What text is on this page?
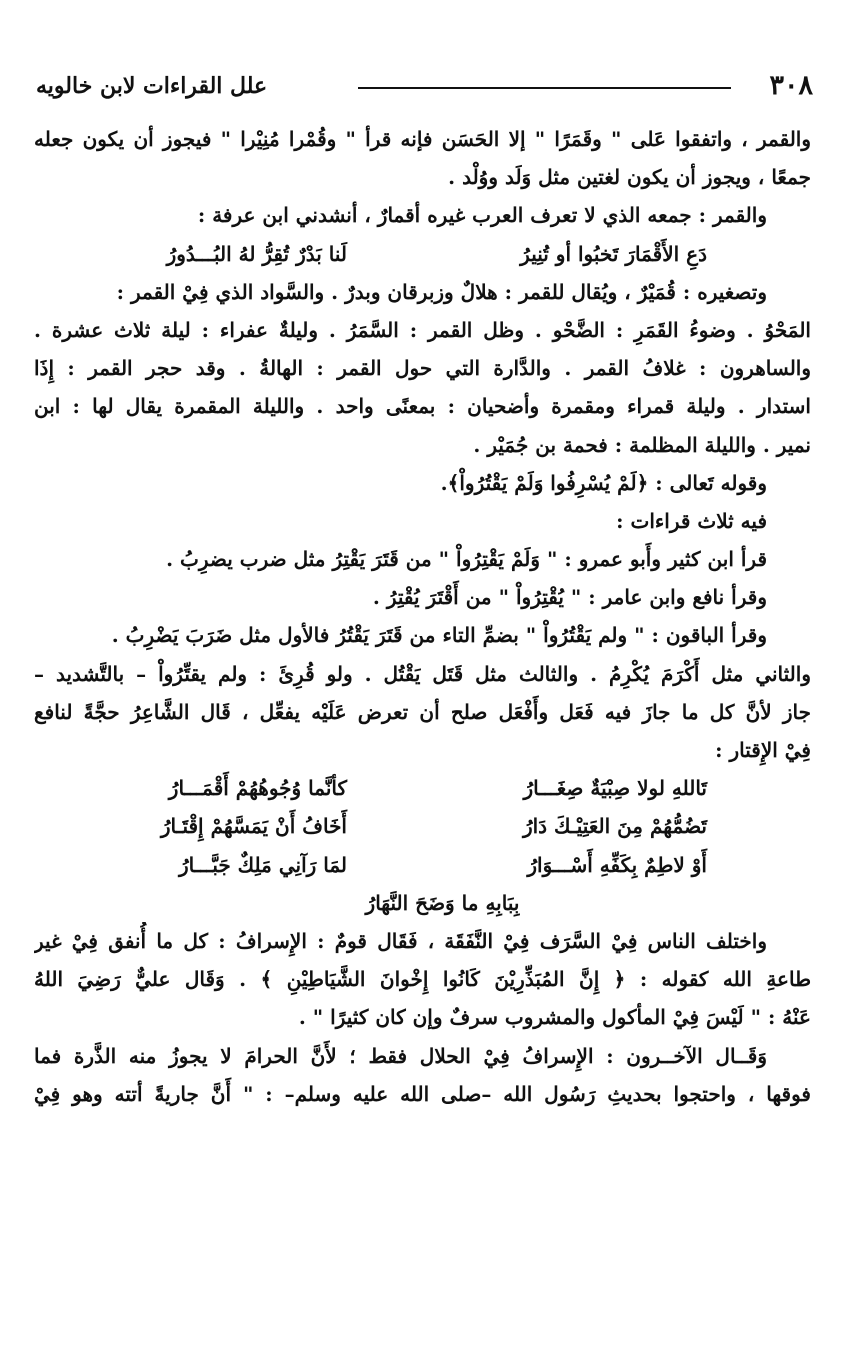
٣٠٨
علل القراءات لابن خالويه
والقمر ، واتفقوا عَلى " وقَمَرًا " إلا الحَسَن فإنه قرأ " وقُمْرا مُنِيْرا " فيجوز أن يكون جعله
جمعًا ، ويجوز أن يكون لغتين مثل وَلَد ووُلْد .
والقمر : جمعه الذي لا تعرف العرب غيره أقمارٌ ، أنشدني ابن عرفة :
دَعِ الأَقْمَارَ تَخبُوا أو تُنِيرُ
لَنا بَدْرٌ تُقِرُّ لهُ البُـــدُورُ
وتصغيره : قُمَيْرٌ ، ويُقال للقمر : هلالٌ وزبرقان وبدرٌ . والسَّواد الذي فِيْ القمر :
المَحْوُ . وضوءُ القَمَرِ : الضَّحْو . وظل القمر : السَّمَرُ . وليلةٌ عفراء : ليلة ثلاث عشرة .
والساهرون : غلافُ القمر . والدَّارة التي حول القمر : الهالةُ . وقد حجر القمر : إِذَا
استدار . وليلة قمراء ومقمرة وأضحيان : بمعنًى واحد . والليلة المقمرة يقال لها : ابن
نمير . والليلة المظلمة : فحمة بن جُمَيْر .
وقوله تَعالى : ﴿لَمْ يُسْرِفُوا وَلَمْ يَقْتُرُواْ﴾.
فيه ثلاث قراءات :
قرأ ابن كثير وأَبو عمرو : " وَلَمْ يَقْتِرُواْ " من قَتَرَ يَقْتِرُ مثل ضرب يضرِبُ .
وقرأ نافع وابن عامر : " يُقْتِرُواْ " من أَقْتَرَ يُقْتِرُ .
وقرأ الباقون : " ولم يَقْتُرُواْ " بضمِّ التاء من قَتَرَ يَقْتُرُ فالأول مثل ضَرَبَ يَضْرِبُ .
والثاني مثل أَكْرَمَ يُكْرِمُ . والثالث مثل قَتَل يَقْتُل . ولو قُرِئَ : ولم يقتِّرُواْ – بالتَّشديد –
جاز لأنَّ كل ما جازَ فيه فَعَل وأَفْعَل صلح أن تعرض عَلَيْه يفعِّل ، قَال الشَّاعِرُ حجَّةً لنافع
فِيْ الإِقتار :
تَاللهِ لولا صِبْيَةٌ صِغَـــارُ
كأنَّما وُجُوهُهُمْ أَقْمَـــارُ
تَضُمُّهُمْ مِنَ العَتِيْـكَ دَارُ
أَخَافُ أَنْ يَمَسَّهُمْ إِقْتَـارُ
أَوْ لاطِمٌ بِكَفِّهِ أَسْـــوَارُ
لمَا رَآنِي مَلِكٌ جَبَّـــارُ
بِبَابِهِ ما وَضَحَ النَّهَارُ
واختلف الناس فِيْ السَّرَف فِيْ النَّفَقَة ، فَقَال قومٌ : الإِسرافُ : كل ما أُنفق فِيْ غير
طاعةِ الله كقوله : ﴿ إِنَّ المُبَذِّرِيْنَ كَانُوا إِخْوانَ الشَّيَاطِيْنِ ﴾ . وَقَال عليٌّ رَضِيَ اللهُ
عَنْهُ : " لَيْسَ فِيْ المأكول والمشروب سرفٌ وإن كان كثيرًا " .
وَقَــال الآخــرون : الإِسرافُ فِيْ الحلال فقط ؛ لأَنَّ الحرامَ لا يجوزُ منه الذَّرة فما
فوقها ، واحتجوا بحديثِ رَسُول الله –صلى الله عليه وسلم– : " أَنَّ جاريةً أتته وهو فِيْ
